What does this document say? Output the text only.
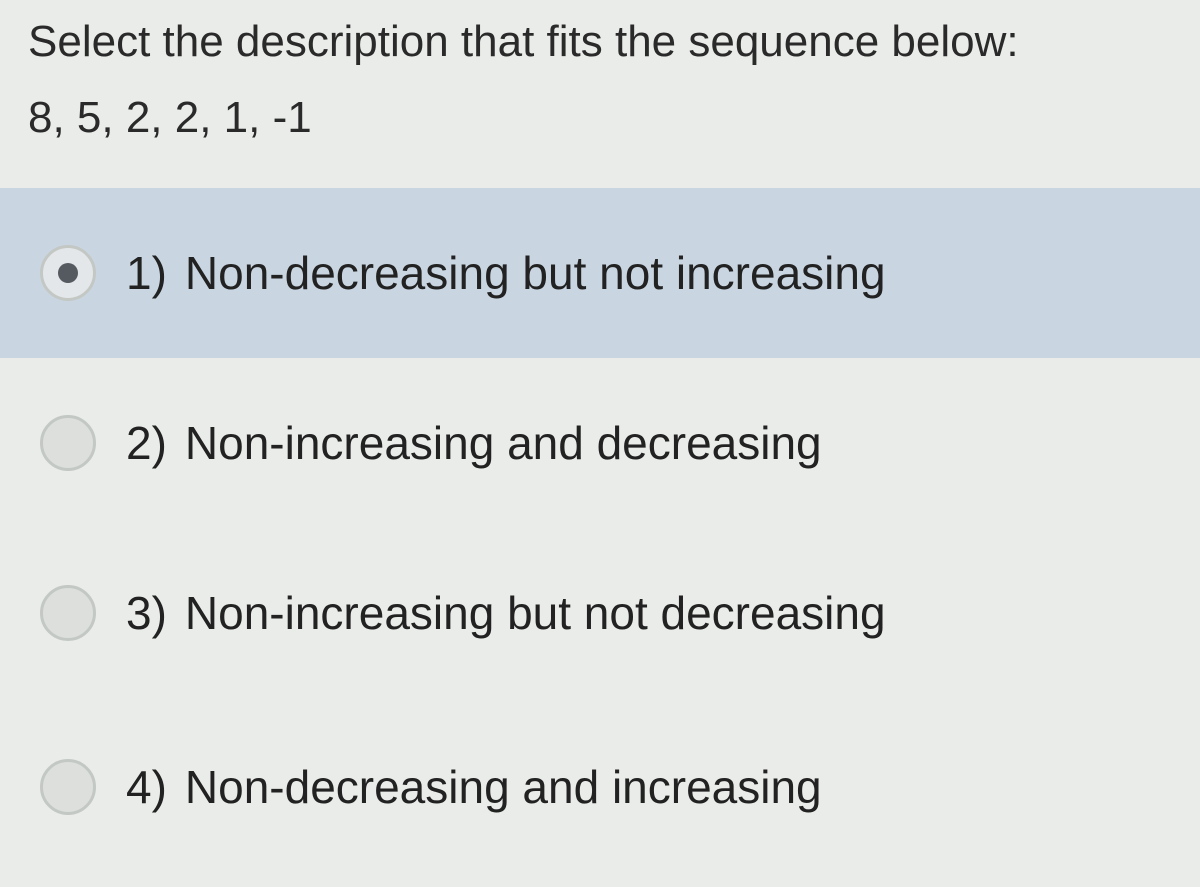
Select the description that fits the sequence below:
8, 5, 2, 2, 1, -1
1) Non-decreasing but not increasing
2) Non-increasing and decreasing
3) Non-increasing but not decreasing
4) Non-decreasing and increasing
